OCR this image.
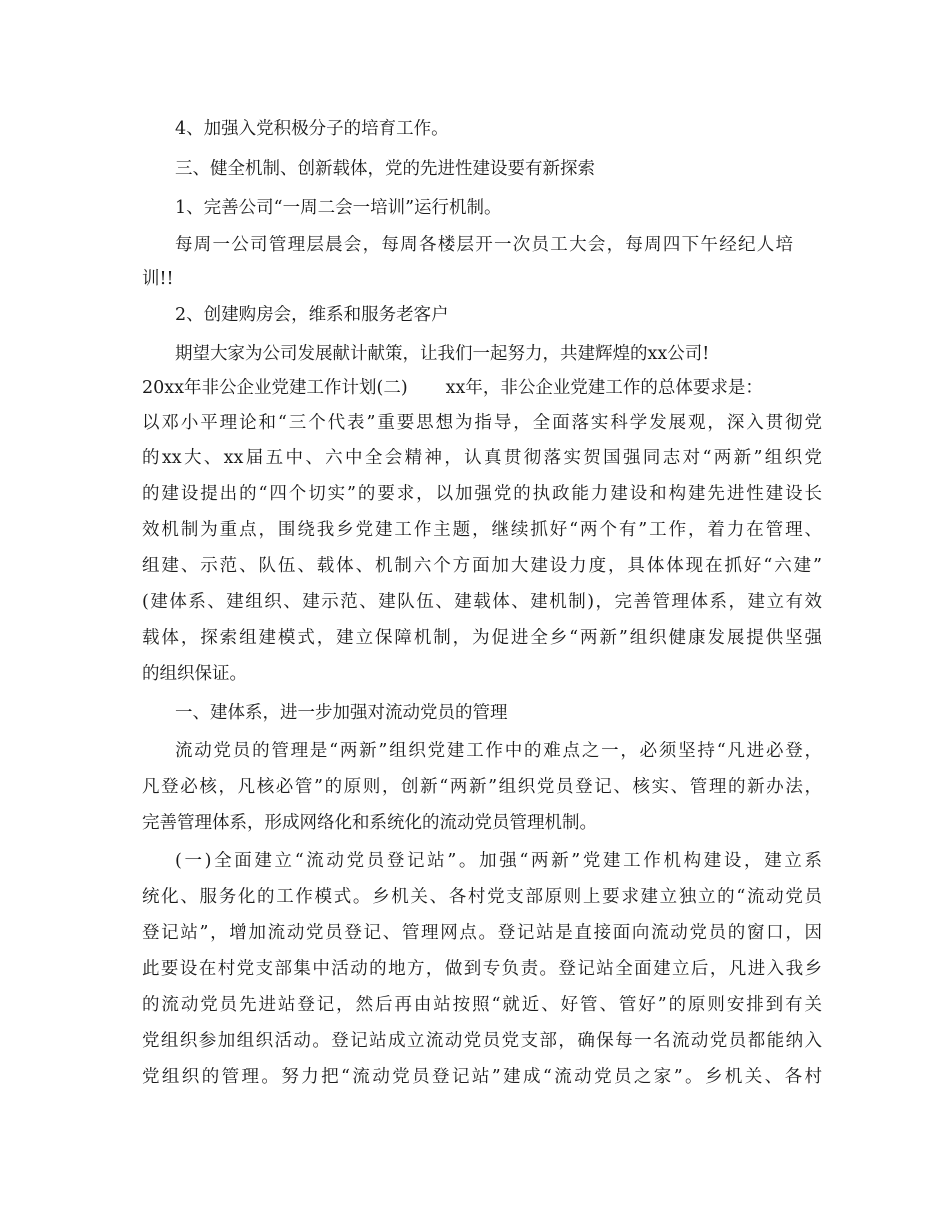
4、加强入党积极分子的培育工作。
三、健全机制、创新载体，党的先进性建设要有新探索
1、完善公司“一周二会一培训”运行机制。
每周一公司管理层晨会，每周各楼层开一次员工大会，每周四下午经纪人培
训!!
2、创建购房会，维系和服务老客户
期望大家为公司发展献计献策，让我们一起努力，共建辉煌的xx公司!
20xx年非公企业党建工作计划(二) xx年，非公企业党建工作的总体要求是：
以邓小平理论和“三个代表”重要思想为指导，全面落实科学发展观，深入贯彻党
的xx大、xx届五中、六中全会精神，认真贯彻落实贺国强同志对“两新”组织党
的建设提出的“四个切实”的要求，以加强党的执政能力建设和构建先进性建设长
效机制为重点，围绕我乡党建工作主题，继续抓好“两个有”工作，着力在管理、
组建、示范、队伍、载体、机制六个方面加大建设力度，具体体现在抓好“六建”
(建体系、建组织、建示范、建队伍、建载体、建机制)，完善管理体系，建立有效
载体，探索组建模式，建立保障机制，为促进全乡“两新”组织健康发展提供坚强
的组织保证。
一、建体系，进一步加强对流动党员的管理
流动党员的管理是“两新”组织党建工作中的难点之一，必须坚持“凡进必登，
凡登必核，凡核必管”的原则，创新“两新”组织党员登记、核实、管理的新办法，
完善管理体系，形成网络化和系统化的流动党员管理机制。
(一)全面建立“流动党员登记站”。加强“两新”党建工作机构建设，建立系
统化、服务化的工作模式。乡机关、各村党支部原则上要求建立独立的“流动党员
登记站”，增加流动党员登记、管理网点。登记站是直接面向流动党员的窗口，因
此要设在村党支部集中活动的地方，做到专负责。登记站全面建立后，凡进入我乡
的流动党员先进站登记，然后再由站按照“就近、好管、管好”的原则安排到有关
党组织参加组织活动。登记站成立流动党员党支部，确保每一名流动党员都能纳入
党组织的管理。努力把“流动党员登记站”建成“流动党员之家”。乡机关、各村
